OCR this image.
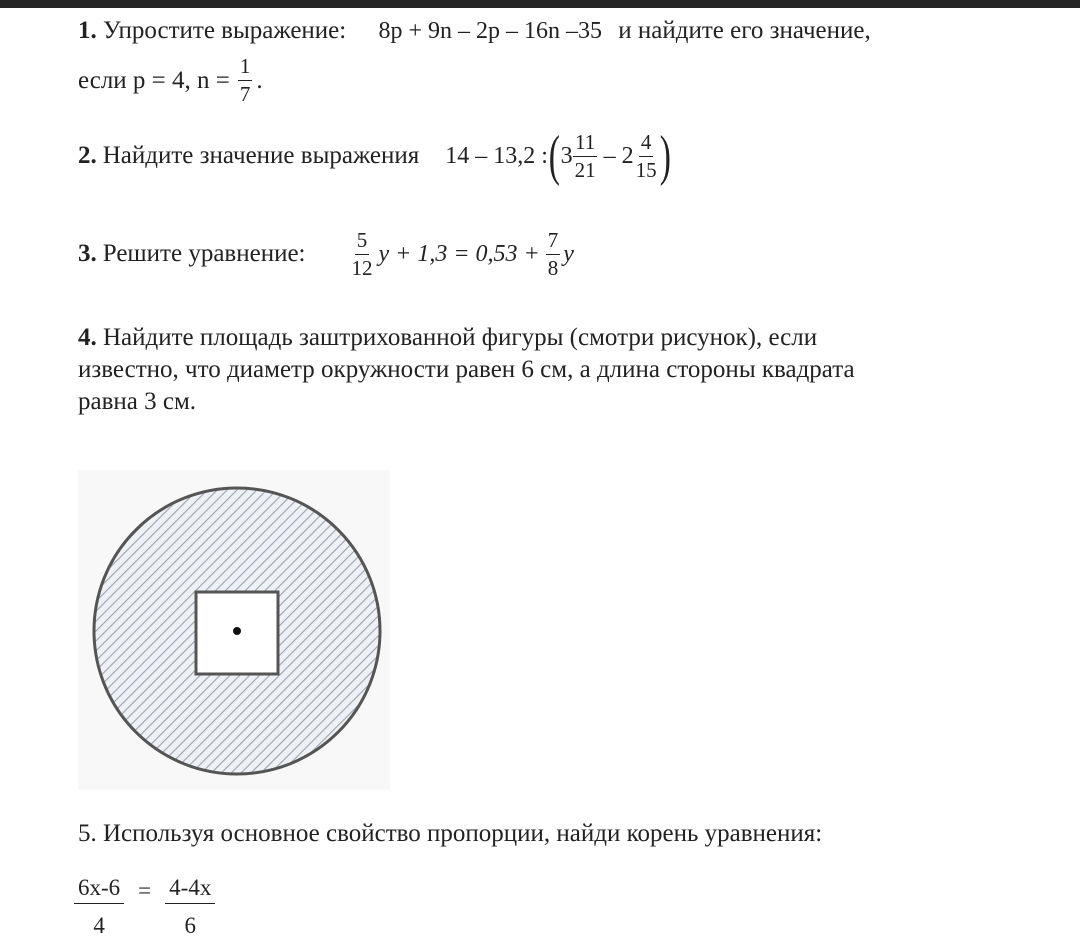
1. Упростите выражение: 8p + 9n – 2p – 16n –35 и найдите его значение,
если p = 4, $n = \frac{1}{7}$ .
2. Найдите значение выражения 14 – 13,2 : ( $3 \frac{11}{21} - 2 \frac{4}{15}$ )
3. Решите уравнение: $\frac{5}{12}$ $y + 1,3 = 0,53 + \frac{7}{8}$ y
4. Найдите площадь заштрихованной фигуры (смотри рисунок), если
известно, что диаметр окружности равен 6 см, а длина стороны квадрата
равна 3 см.
5. Используя основное свойство пропорции, найди корень уравнения:
$\frac{6x-6}{4} = \frac{4-4x}{6}$
